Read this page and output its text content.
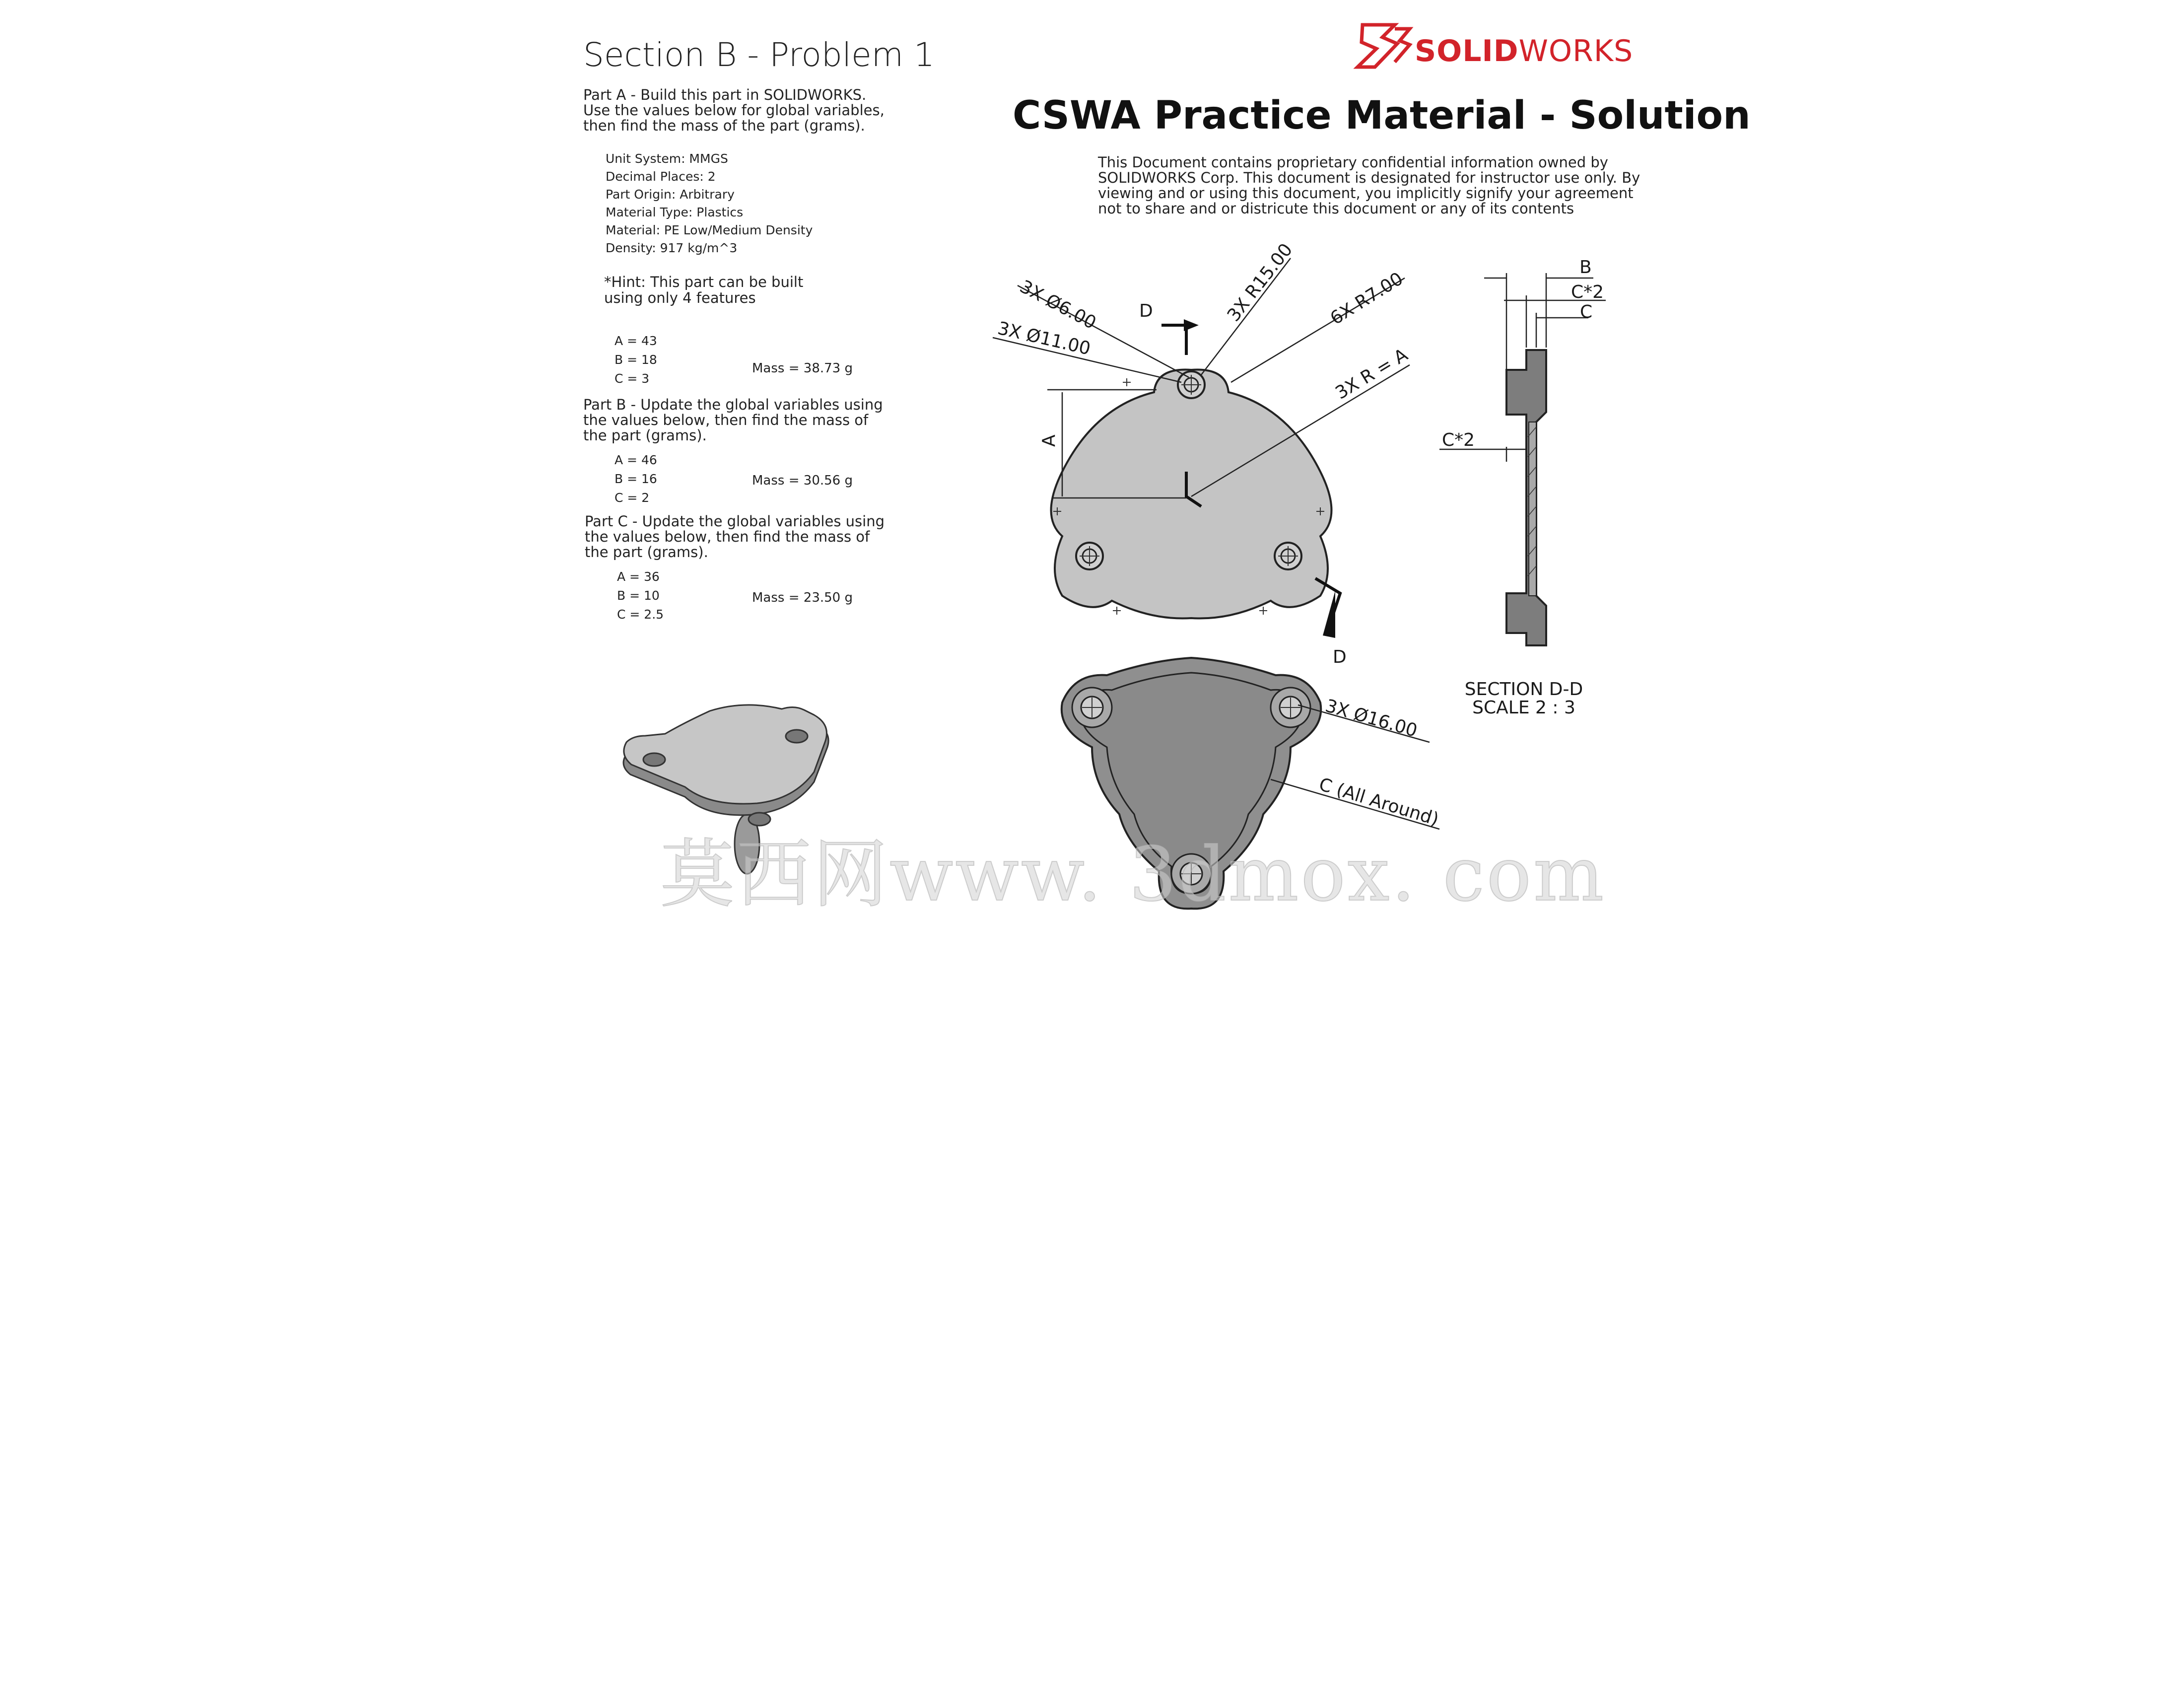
Section B - Problem 1	SOLIDWORKS
CSWA Practice Material - Solution
This Document contains proprietary confidential information owned by SOLIDWORKS Corp. This document is designated for instructor use only. By viewing and or using this document, you implicitly signify your agreement not to share and or districute this document or any of its contents
Part A - Build this part in SOLIDWORKS. Use the values below for global variables, then find the mass of the part (grams).
Unit System: MMGS
Decimal Places: 2
Part Origin: Arbitrary
Material Type: Plastics
Material: PE Low/Medium Density
Density: 917 kg/m^3
*Hint: This part can be built
using only 4 features
A = 43
B = 18
C = 3
Mass = 38.73 g
Part B - Update the global variables using the values below, then find the mass of the part (grams).
A = 46
B = 16
C = 2
Mass = 30.56 g
Part C - Update the global variables using the values below, then find the mass of the part (grams).
A = 36
B = 10
C = 2.5
Mass = 23.50 g
3X Ø6.00
3X Ø11.00
3X R15.00 6X R7.00
3X R = A
A
D
D
B
C*2
C
C*2
SECTION D-D
SCALE 2 : 3
3X Ø16.00
C (All Around)
莫西网www. 3dmox. com
